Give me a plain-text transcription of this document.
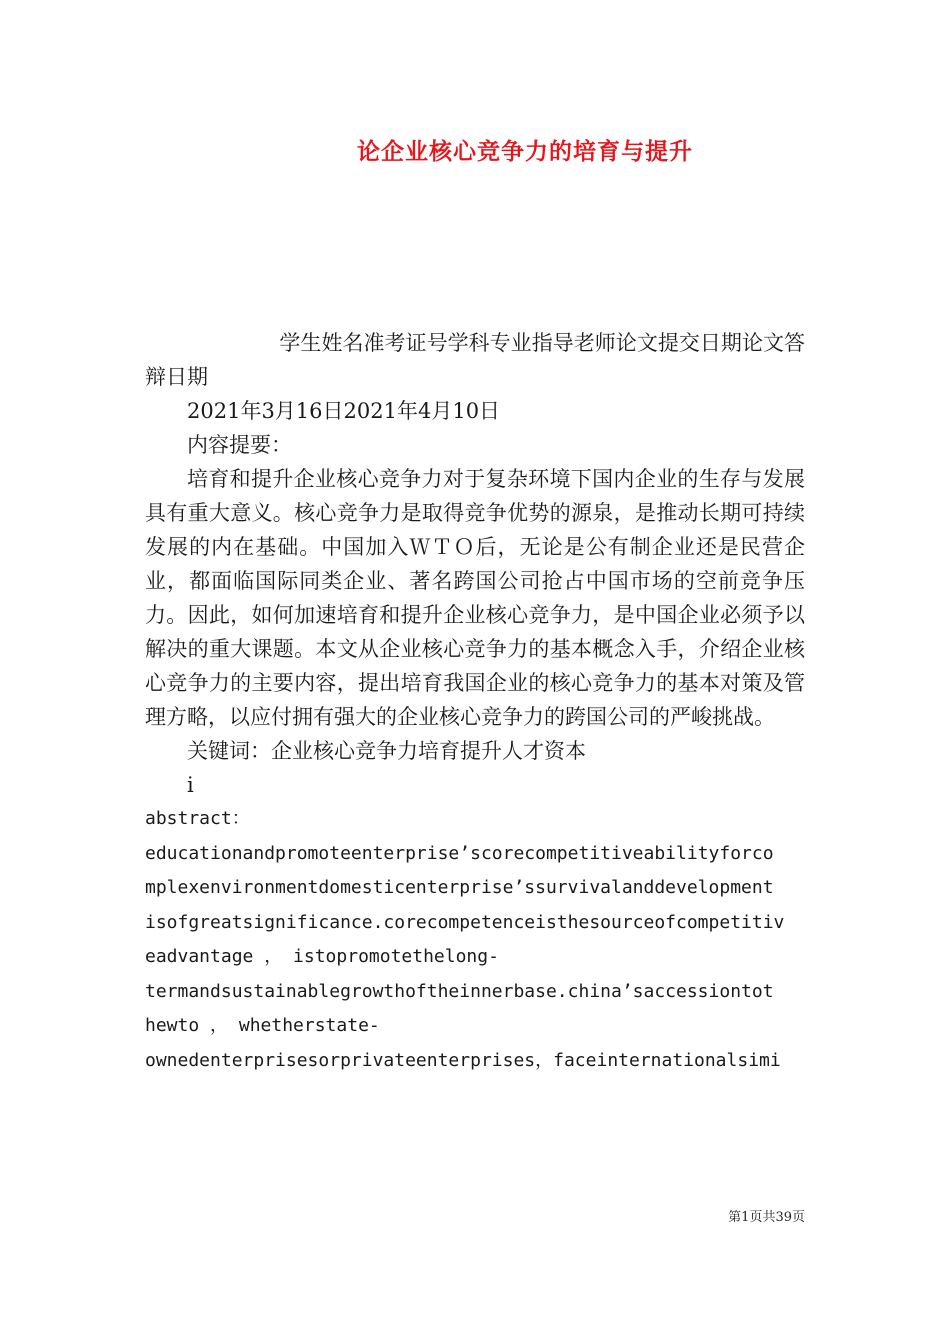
论企业核心竞争力的培育与提升

学生姓名准考证号学科专业指导老师论文提交日期论文答辩日期

2021年3月16日2021年4月10日

内容提要：

培育和提升企业核心竞争力对于复杂环境下国内企业的生存与发展具有重大意义。核心竞争力是取得竞争优势的源泉，是推动长期可持续发展的内在基础。中国加入ＷＴＯ后，无论是公有制企业还是民营企业，都面临国际同类企业、著名跨国公司抢占中国市场的空前竞争压力。因此，如何加速培育和提升企业核心竞争力，是中国企业必须予以解决的重大课题。本文从企业核心竞争力的基本概念入手，介绍企业核心竞争力的主要内容，提出培育我国企业的核心竞争力的基本对策及管理方略，以应付拥有强大的企业核心竞争力的跨国公司的严峻挑战。

关键词：企业核心竞争力培育提升人才资本

i

abstract：

educationandpromoteenterprise’scorecompetitiveabilityforco

mplexenvironmentdomesticenterprise’ssurvivalanddevelopment

isofgreatsignificance.corecompetenceisthesourceofcompetitiv

eadvantage ， istopromotethelong-

termandsustainablegrowthoftheinnerbase.china’saccessiontot

hewto ， whetherstate-

ownedenterprisesorprivateenterprises，faceinternationalsimi

第1页共39页
